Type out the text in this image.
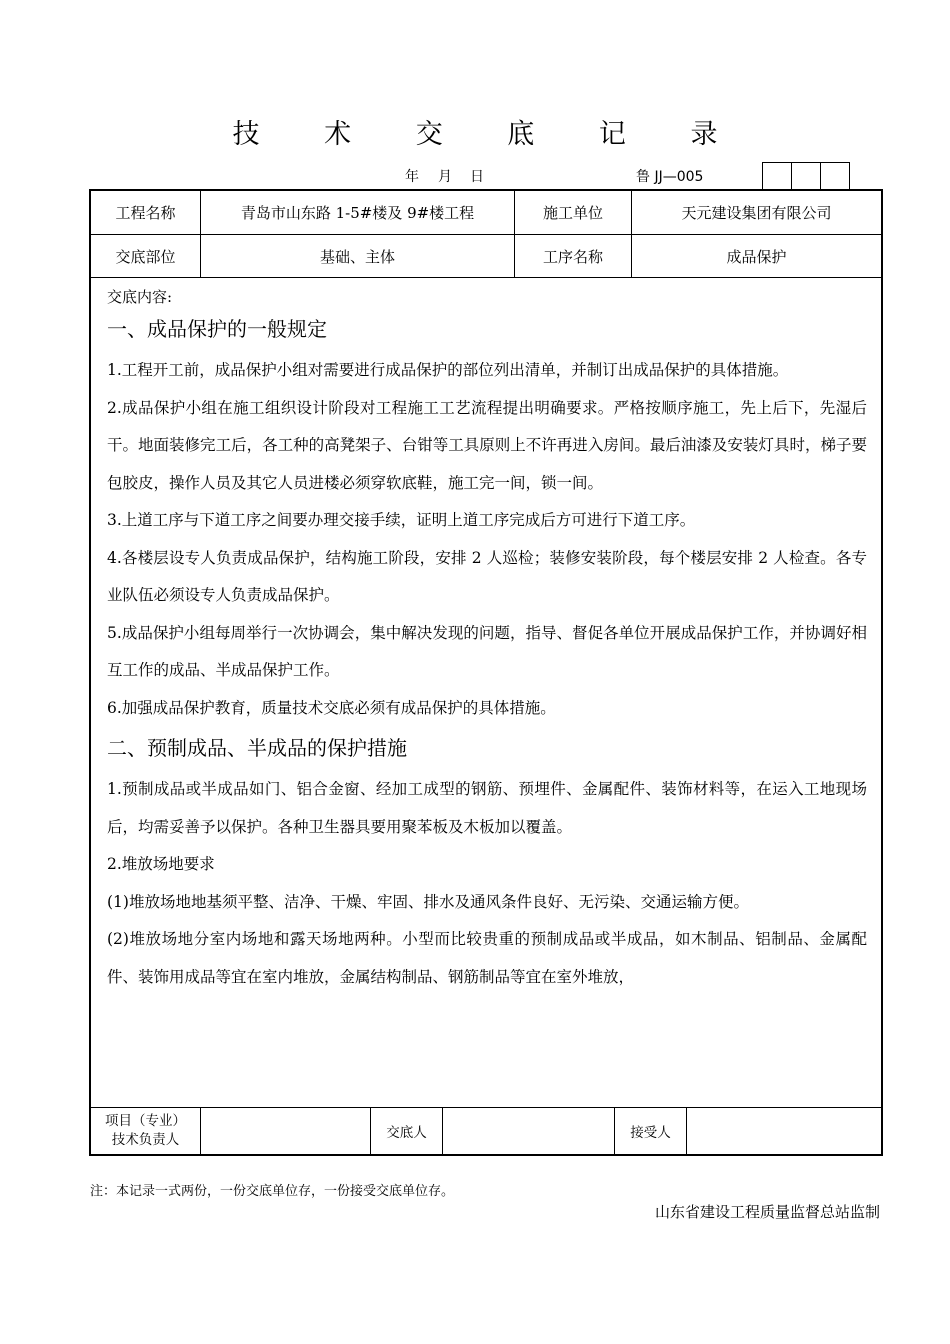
技 术 交 底 记 录
年 月 日	鲁 JJ—005
工程名称	青岛市山东路 1-5#楼及 9#楼工程	施工单位	天元建设集团有限公司
交底部位	基础、主体	工序名称	成品保护
交底内容:
一、成品保护的一般规定

1.工程开工前，成品保护小组对需要进行成品保护的部位列出清单，并制订出成品保护的具体措施。

2.成品保护小组在施工组织设计阶段对工程施工工艺流程提出明确要求。严格按顺序施工，先上后下，先湿后干。地面装修完工后，各工种的高凳架子、台钳等工具原则上不许再进入房间。最后油漆及安装灯具时，梯子要包胶皮，操作人员及其它人员进楼必须穿软底鞋，施工完一间，锁一间。

3.上道工序与下道工序之间要办理交接手续，证明上道工序完成后方可进行下道工序。

4.各楼层设专人负责成品保护，结构施工阶段，安排 2 人巡检；装修安装阶段，每个楼层安排 2 人检查。各专业队伍必须设专人负责成品保护。

5.成品保护小组每周举行一次协调会，集中解决发现的问题，指导、督促各单位开展成品保护工作，并协调好相互工作的成品、半成品保护工作。

6.加强成品保护教育，质量技术交底必须有成品保护的具体措施。

二、预制成品、半成品的保护措施

1.预制成品或半成品如门、铝合金窗、经加工成型的钢筋、预埋件、金属配件、装饰材料等，在运入工地现场后，均需妥善予以保护。各种卫生器具要用聚苯板及木板加以覆盖。

2.堆放场地要求

(1)堆放场地地基须平整、洁净、干燥、牢固、排水及通风条件良好、无污染、交通运输方便。

(2)堆放场地分室内场地和露天场地两种。小型而比较贵重的预制成品或半成品，如木制品、铝制品、金属配件、装饰用成品等宜在室内堆放，金属结构制品、钢筋制品等宜在室外堆放，

项目（专业）
技术负责人	交底人	接受人
注：本记录一式两份，一份交底单位存，一份接受交底单位存。
山东省建设工程质量监督总站监制
